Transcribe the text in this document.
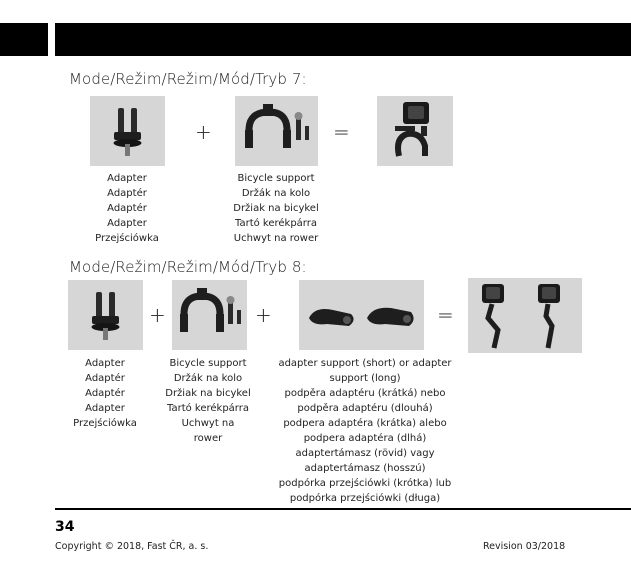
Mode/Režim/Režim/Mód/Tryb 7:
+	=
Adapter
Adaptér
Adaptér
Adapter
Przejściówka
Bicycle support
Držák na kolo
Držiak na bicykel
Tartó kerékpárra
Uchwyt na rower
Mode/Režim/Režim/Mód/Tryb 8:
+	+	=
Adapter
Adaptér
Adaptér
Adapter
Przejściówka
Bicycle support
Držák na kolo
Držiak na bicykel
Tartó kerékpárra
Uchwyt na
rower
adapter support (short) or adapter
support (long)
podpěra adaptéru (krátká) nebo
podpěra adaptéru (dlouhá)
podpera adaptéra (krátka) alebo
podpera adaptéra (dlhá)
adaptertámasz (rövid) vagy
adaptertámasz (hosszú)
podpórka przejściówki (krótka) lub
podpórka przejściówki (długa)
34
Copyright © 2018, Fast ČR, a. s.	Revision 03/2018
